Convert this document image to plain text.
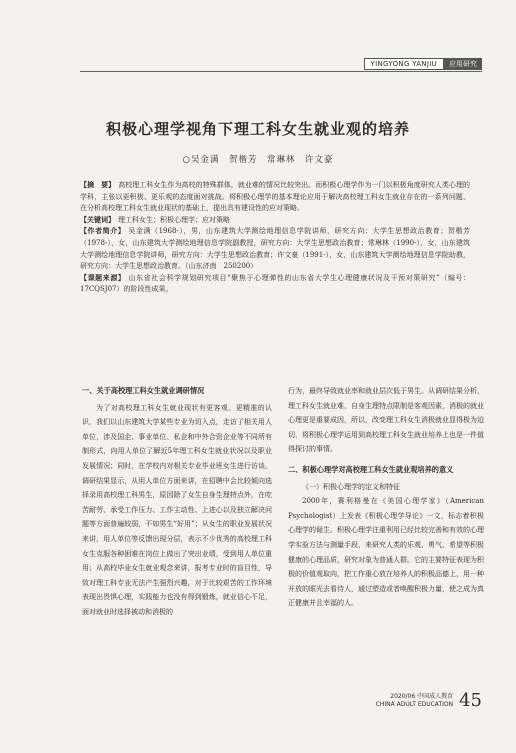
YINGYONG YANJIU	应用研究
积极心理学视角下理工科女生就业观的培养
○吴金满　贺楷芳　常琳林　许文豪

【摘　要】 高校理工科女生作为高校的特殊群体，就业难的情况比较突出。而积极心理学作为一门以积极角度研究人类心理的学科，主张以更积极、更乐观的态度面对挑战。将积极心理学的基本理论应用于解决高校理工科女生就业存在的一系列问题，在分析高校理工科女生就业现状的基础上，提出具有建设性的应对策略。

【关键词】 理工科女生；积极心理学；应对策略

【作者简介】 吴金满（1968-），男，山东建筑大学测绘地理信息学院讲师，研究方向：大学生思想政治教育；贺楷芳（1978-），女，山东建筑大学测绘地理信息学院副教授，研究方向：大学生思想政治教育；常琳林（1990-），女，山东建筑大学测绘地理信息学院讲师，研究方向：大学生思想政治教育；许文豪（1991-），女，山东建筑大学测绘地理信息学院助教，研究方向：大学生思想政治教育。（山东济南　250200）

【课题来源】 山东省社会科学规划研究项目“聚焦于心理弹性的山东省大学生心理健康状况及干预对策研究”（编号：17CQSJ07）的阶段性成果。

一、关于高校理工科女生就业调研情况

为了对高校理工科女生就业现状有更客观、更精准的认识，我们以山东建筑大学某些专业为切入点，走访了相关用人单位，涉及国企、事业单位、私企和中外合资企业等不同所有制形式，向用人单位了解近5年理工科女生就业状况以及职业发展情况；同时，在学校内对相关专业毕业班女生进行访谈。调研结果显示，从用人单位方面来讲，在招聘中会比较倾向选择录用高校理工科男生，原因除了女生自身生理特点外，在吃苦耐劳、承受工作压力、工作主动性、上进心以及独立解决问题等方面普遍较弱，不如男生“好用”；从女生的职业发展状况来讲，用人单位等反馈出现分层，表示不少优秀的高校理工科女生克服各种困难在岗位上做出了突出业绩，受到用人单位重用；从高校毕业女生就业观念来讲，报考专业时的盲目性，导致对理工科专业无法产生强烈兴趣，对于比较艰苦的工作环境表现出畏惧心理，实践能力也没有得到锻炼，就业信心不足，面对就业时选择被动和消极的

行为，最终导致就业率和就业层次低于男生。从调研结果分析，理工科女生就业难，自身生理特点限制是客观因素，消极的就业心理更是重要成因，所以，改变理工科女生消极就业显得极为迫切，将积极心理学运用到高校理工科女生就业培养上也是一件值得探讨的事情。

二、积极心理学对高校理工科女生就业观培养的意义
（一）积极心理学的定义和特征

2000年，赛利格曼在《美国心理学家》（American Psychologist）上发表《积极心理学导论》一文，标志着积极心理学的诞生。积极心理学注重利用已经比较完善和有效的心理学实验方法与测量手段，来研究人类的乐观、勇气、希望等积极健康的心理品质，研究对象为普通人群。它的主要特征表现为积极的价值观取向，把工作重心放在培养人的积极品德上，用一种开放的眼光去看待人，通过塑造或者唤醒积极力量，使之成为真正健康并且幸福的人。

2020/06 中国成人教育
CHINA ADULT EDUCATION 45
